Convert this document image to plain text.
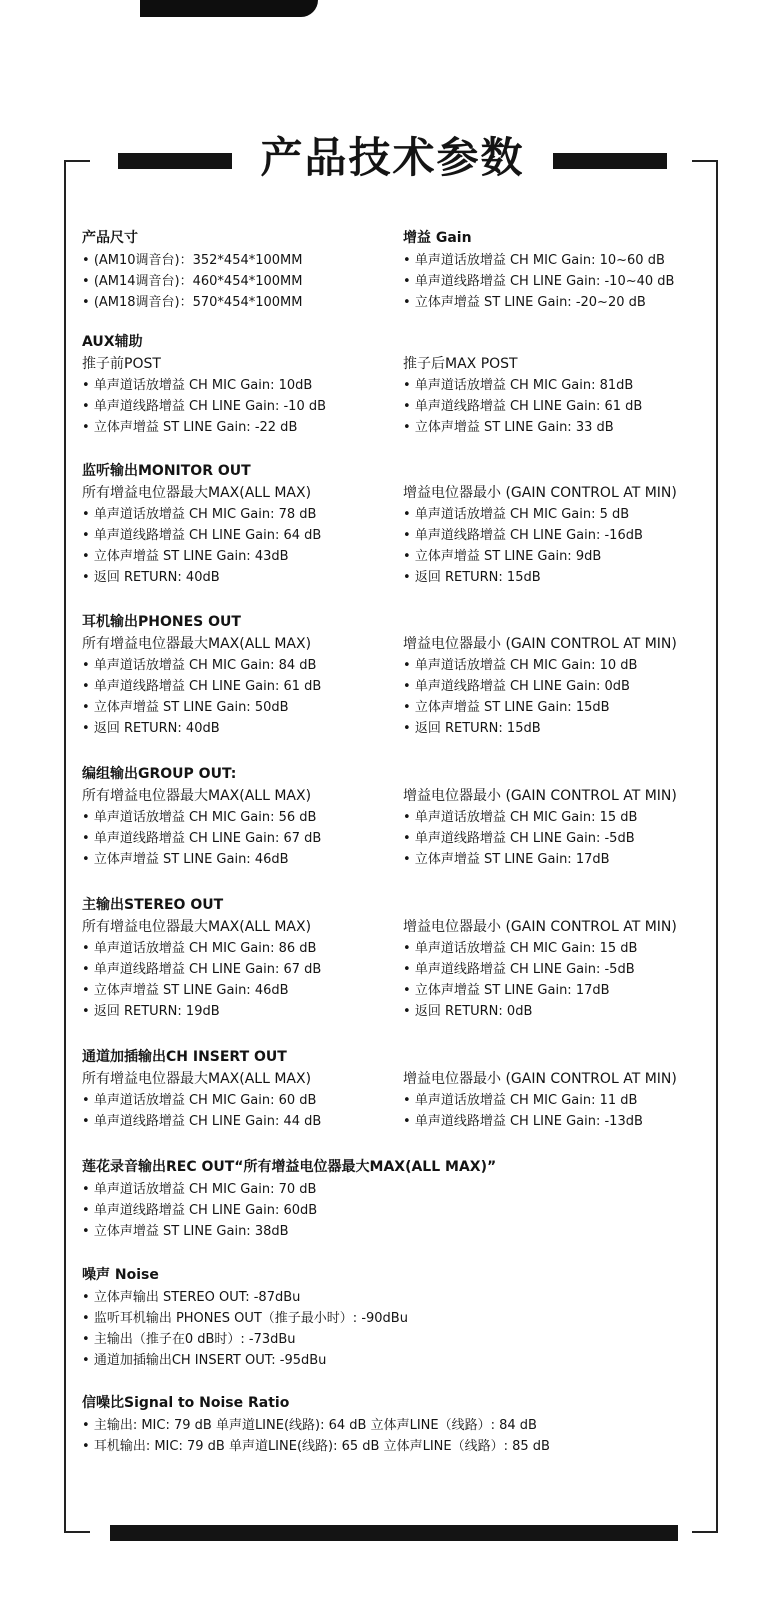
产品技术参数
产品尺寸
• (AM10调音台)：352*454*100MM
• (AM14调音台)：460*454*100MM
• (AM18调音台)：570*454*100MM
增益 Gain
• 单声道话放增益 CH MIC Gain: 10~60 dB
• 单声道线路增益 CH LINE Gain: -10~40 dB
• 立体声增益 ST LINE Gain: -20~20 dB
AUX辅助

推子前POST

• 单声道话放增益 CH MIC Gain: 10dB
• 单声道线路增益 CH LINE Gain: -10 dB
• 立体声增益 ST LINE Gain: -22 dB

推子后MAX POST

• 单声道话放增益 CH MIC Gain: 81dB
• 单声道线路增益 CH LINE Gain: 61 dB
• 立体声增益 ST LINE Gain: 33 dB
监听输出MONITOR OUT

所有增益电位器最大MAX(ALL MAX)

• 单声道话放增益 CH MIC Gain: 78 dB
• 单声道线路增益 CH LINE Gain: 64 dB
• 立体声增益 ST LINE Gain: 43dB
• 返回 RETURN: 40dB

增益电位器最小 (GAIN CONTROL AT MIN)

• 单声道话放增益 CH MIC Gain: 5 dB
• 单声道线路增益 CH LINE Gain: -16dB
• 立体声增益 ST LINE Gain: 9dB
• 返回 RETURN: 15dB
耳机输出PHONES OUT

所有增益电位器最大MAX(ALL MAX)

• 单声道话放增益 CH MIC Gain: 84 dB
• 单声道线路增益 CH LINE Gain: 61 dB
• 立体声增益 ST LINE Gain: 50dB
• 返回 RETURN: 40dB

增益电位器最小 (GAIN CONTROL AT MIN)

• 单声道话放增益 CH MIC Gain: 10 dB
• 单声道线路增益 CH LINE Gain: 0dB
• 立体声增益 ST LINE Gain: 15dB
• 返回 RETURN: 15dB
编组输出GROUP OUT:

所有增益电位器最大MAX(ALL MAX)

• 单声道话放增益 CH MIC Gain: 56 dB
• 单声道线路增益 CH LINE Gain: 67 dB
• 立体声增益 ST LINE Gain: 46dB

增益电位器最小 (GAIN CONTROL AT MIN)

• 单声道话放增益 CH MIC Gain: 15 dB
• 单声道线路增益 CH LINE Gain: -5dB
• 立体声增益 ST LINE Gain: 17dB
主输出STEREO OUT

所有增益电位器最大MAX(ALL MAX)

• 单声道话放增益 CH MIC Gain: 86 dB
• 单声道线路增益 CH LINE Gain: 67 dB
• 立体声增益 ST LINE Gain: 46dB
• 返回 RETURN: 19dB

增益电位器最小 (GAIN CONTROL AT MIN)

• 单声道话放增益 CH MIC Gain: 15 dB
• 单声道线路增益 CH LINE Gain: -5dB
• 立体声增益 ST LINE Gain: 17dB
• 返回 RETURN: 0dB
通道加插输出CH INSERT OUT

所有增益电位器最大MAX(ALL MAX)

• 单声道话放增益 CH MIC Gain: 60 dB
• 单声道线路增益 CH LINE Gain: 44 dB

增益电位器最小 (GAIN CONTROL AT MIN)

• 单声道话放增益 CH MIC Gain: 11 dB
• 单声道线路增益 CH LINE Gain: -13dB
莲花录音输出REC OUT“所有增益电位器最大MAX(ALL MAX)”
• 单声道话放增益 CH MIC Gain: 70 dB
• 单声道线路增益 CH LINE Gain: 60dB
• 立体声增益 ST LINE Gain: 38dB
噪声 Noise
• 立体声输出 STEREO OUT: -87dBu
• 监听耳机输出 PHONES OUT（推子最小时）: -90dBu
• 主输出（推子在0 dB时）: -73dBu
• 通道加插输出CH INSERT OUT: -95dBu
信噪比Signal to Noise Ratio
• 主输出: MIC: 79 dB 单声道LINE(线路): 64 dB 立体声LINE（线路）: 84 dB
• 耳机输出: MIC: 79 dB 单声道LINE(线路): 65 dB 立体声LINE（线路）: 85 dB
